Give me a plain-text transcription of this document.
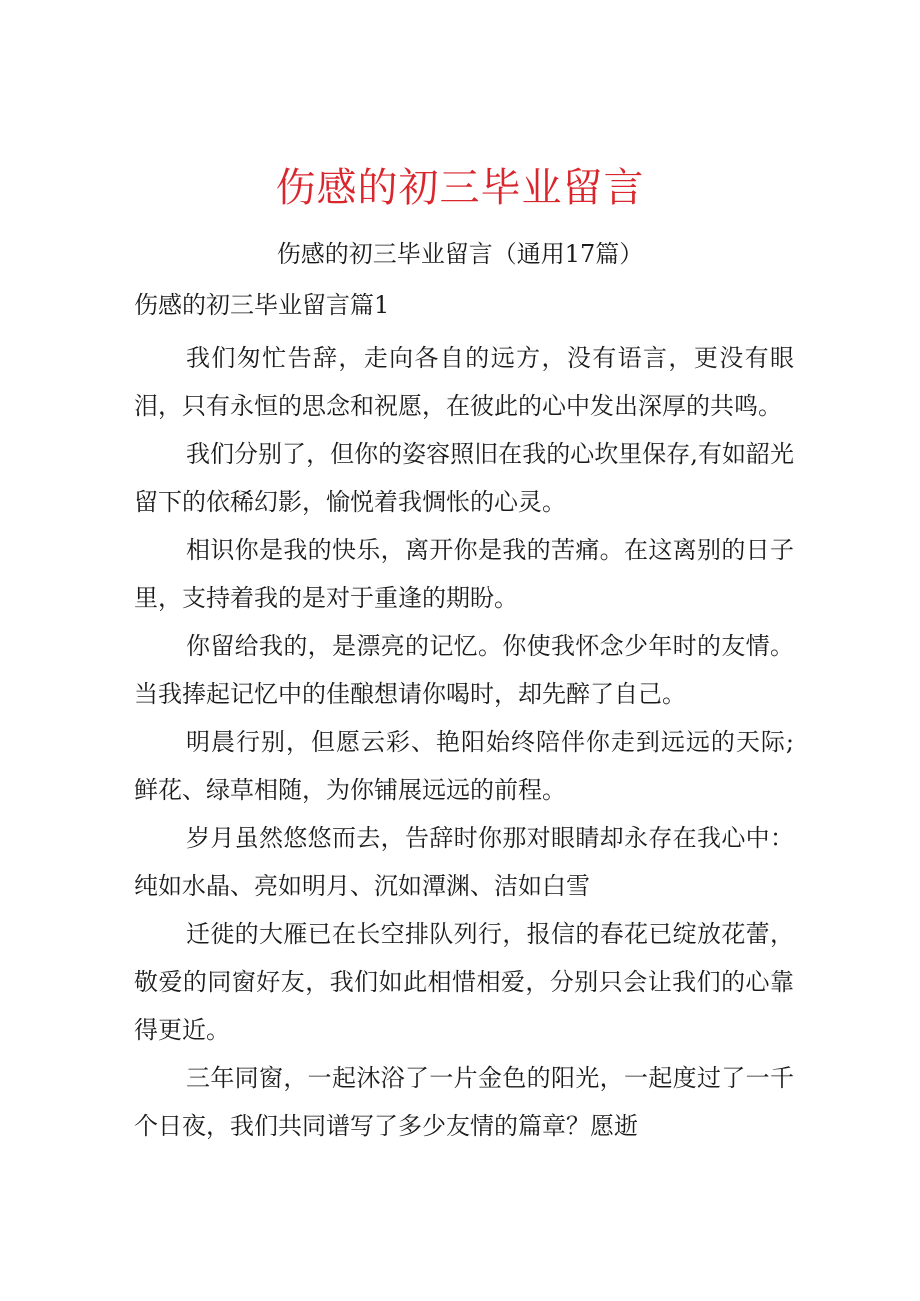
伤感的初三毕业留言
伤感的初三毕业留言（通用17篇）
伤感的初三毕业留言篇1

我们匆忙告辞，走向各自的远方，没有语言，更没有眼泪，只有永恒的思念和祝愿，在彼此的心中发出深厚的共鸣。

我们分别了，但你的姿容照旧在我的心坎里保存,有如韶光留下的依稀幻影，愉悦着我惆怅的心灵。

相识你是我的快乐，离开你是我的苦痛。在这离别的日子里，支持着我的是对于重逢的期盼。

你留给我的，是漂亮的记忆。你使我怀念少年时的友情。当我捧起记忆中的佳酿想请你喝时，却先醉了自己。

明晨行别，但愿云彩、艳阳始终陪伴你走到远远的天际;鲜花、绿草相随，为你铺展远远的前程。

岁月虽然悠悠而去，告辞时你那对眼睛却永存在我心中：纯如水晶、亮如明月、沉如潭渊、洁如白雪

迁徙的大雁已在长空排队列行，报信的春花已绽放花蕾，敬爱的同窗好友，我们如此相惜相爱，分别只会让我们的心靠得更近。

三年同窗，一起沐浴了一片金色的阳光，一起度过了一千个日夜，我们共同谱写了多少友情的篇章？愿逝
